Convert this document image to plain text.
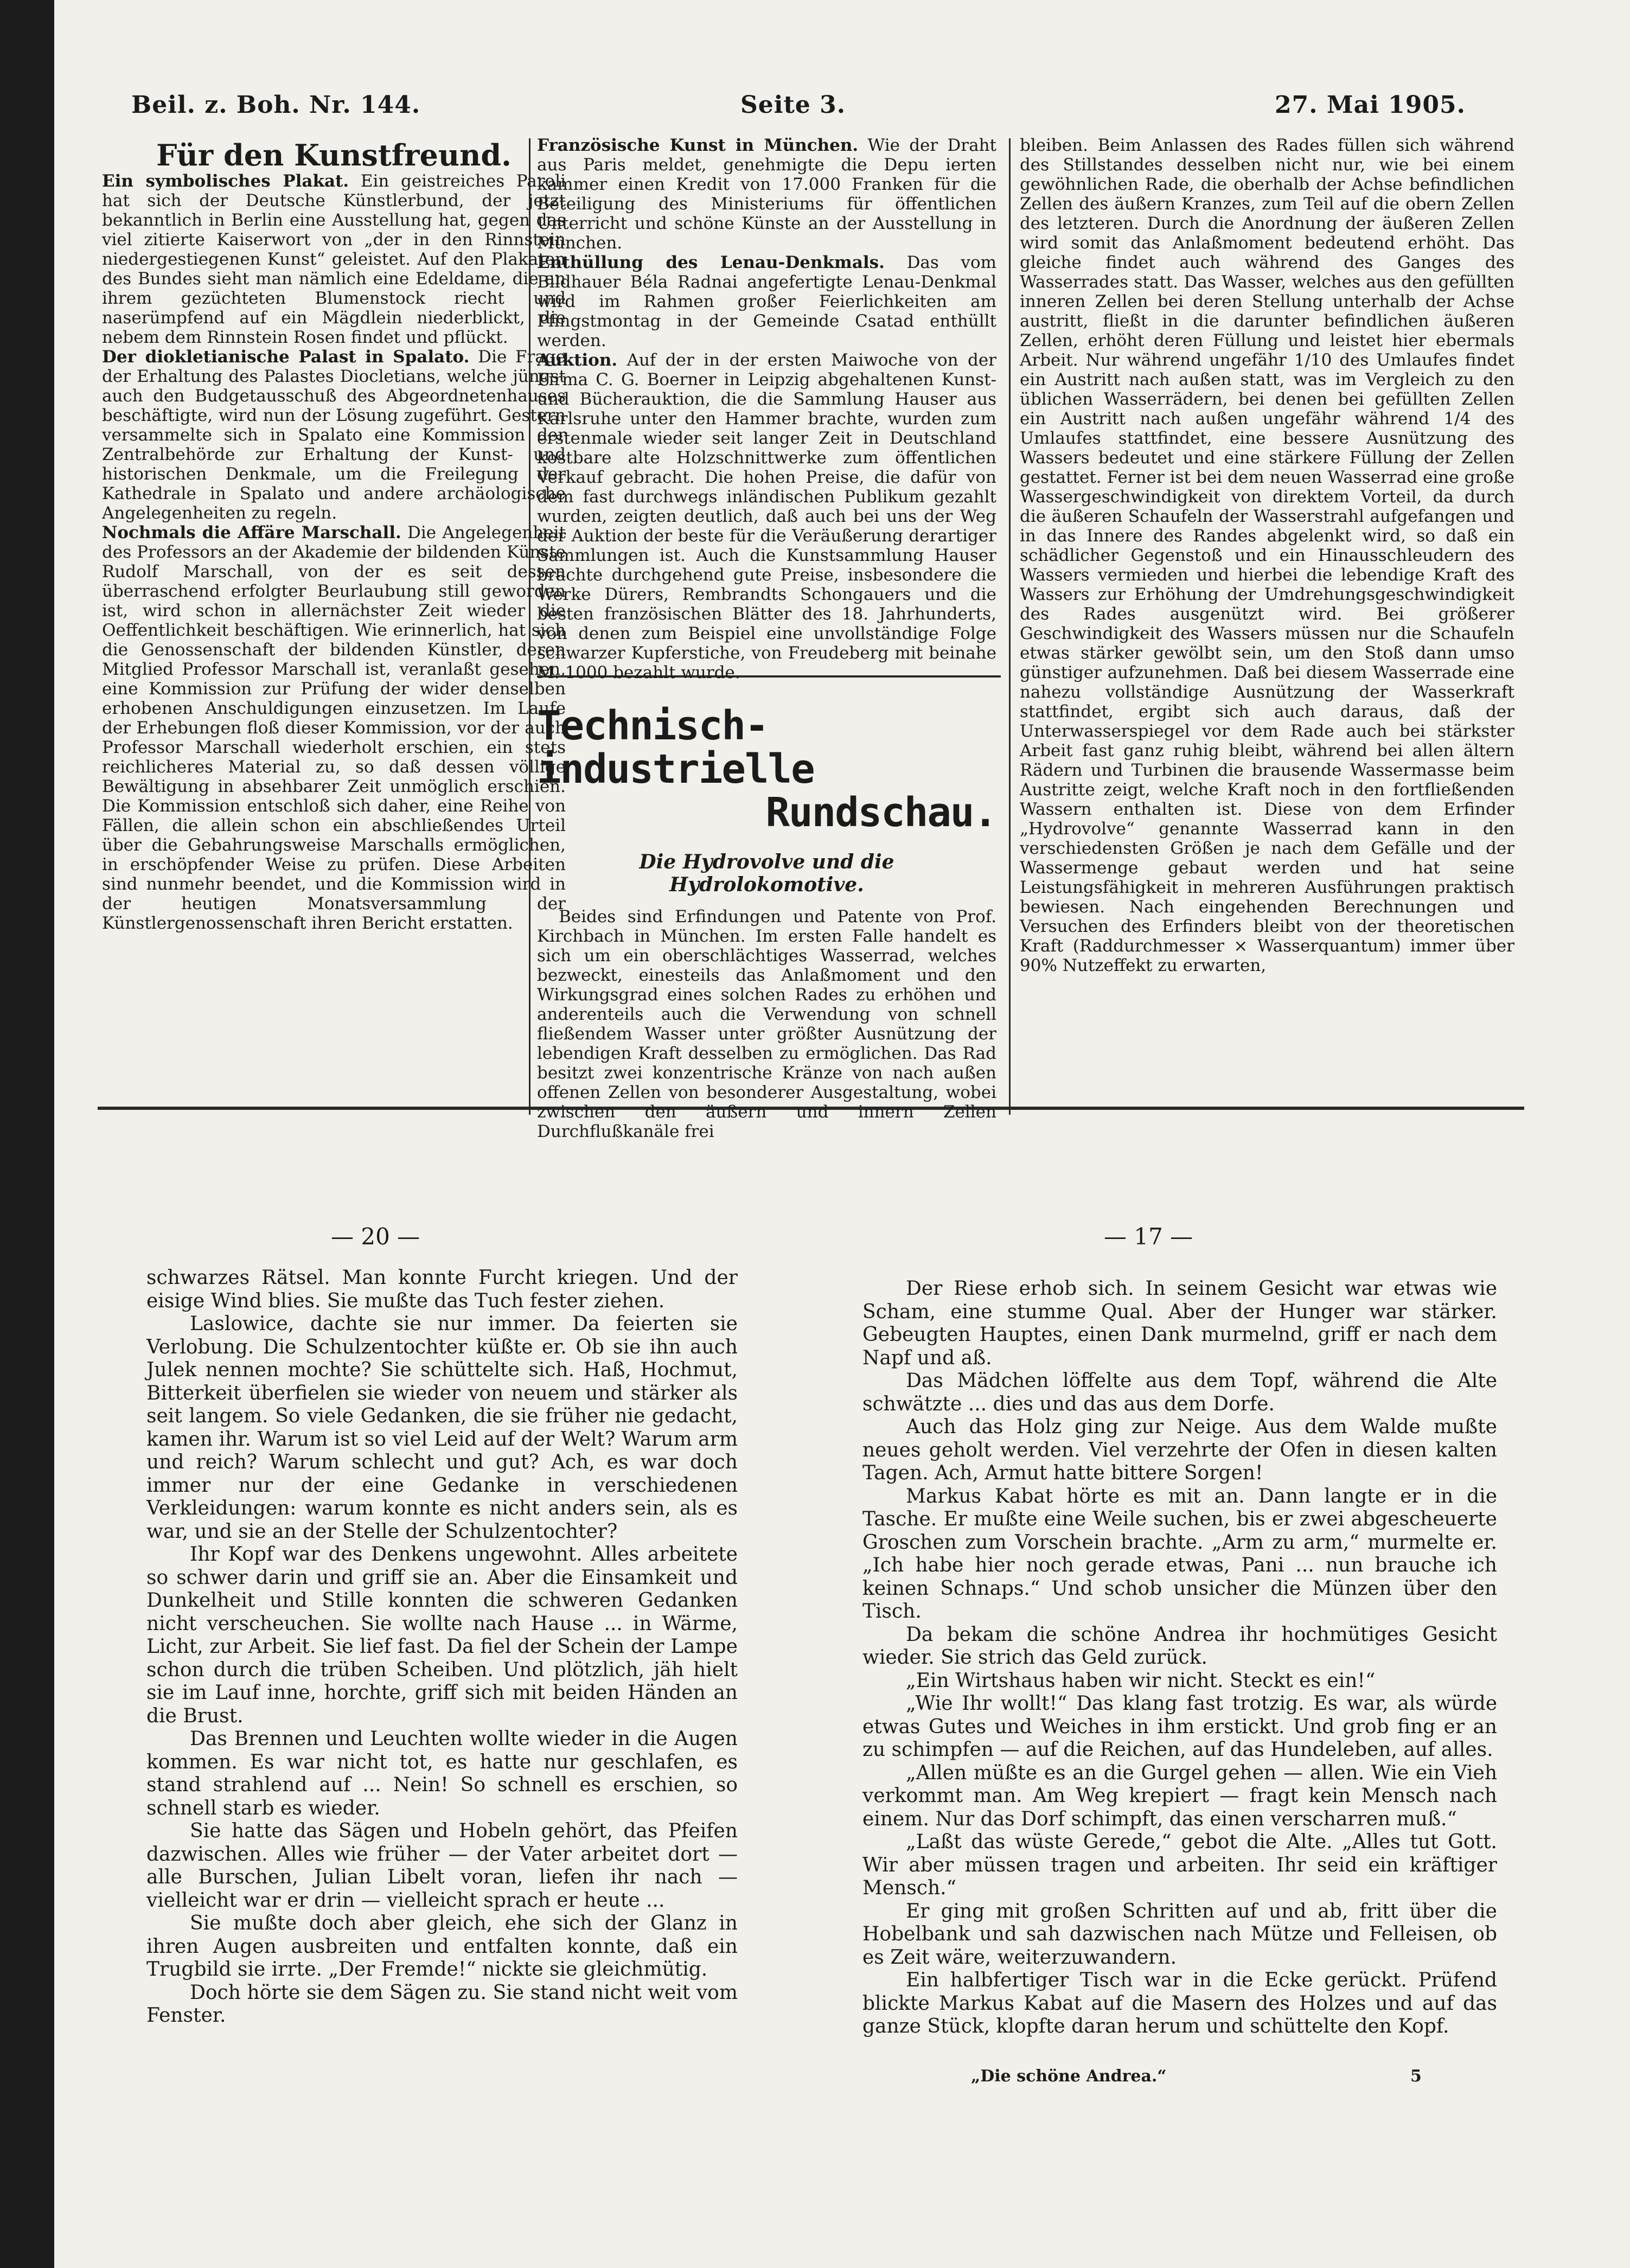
Beil. z. Boh. Nr. 144.	Seite 3.	27. Mai 1905.
Für den Kunstfreund.

Ein symbolisches Plakat. Ein geistreiches Paroli hat sich der Deutsche Künstlerbund, der jetzt bekanntlich in Berlin eine Ausstellung hat, gegen das viel zitierte Kaiserwort von „der in den Rinnstein niedergestiegenen Kunst“ geleistet. Auf den Plakaten des Bundes sieht man nämlich eine Edeldame, die an ihrem gezüchteten Blumenstock riecht und naserümpfend auf ein Mägdlein niederblickt, die nebem dem Rinnstein Rosen findet und pflückt.

Der diokletianische Palast in Spalato. Die Frage der Erhaltung des Palastes Diocletians, welche jüngst auch den Budgetausschuß des Abgeordnetenhauses beschäftigte, wird nun der Lösung zugeführt. Gestern versammelte sich in Spalato eine Kommission der Zentralbehörde zur Erhaltung der Kunst- und historischen Denkmale, um die Freilegung der Kathedrale in Spalato und andere archäologische Angelegenheiten zu regeln.

Nochmals die Affäre Marschall. Die Angelegenheit des Professors an der Akademie der bildenden Künste Rudolf Marschall, von der es seit dessen überraschend erfolgter Beurlaubung still geworden ist, wird schon in allernächster Zeit wieder die Oeffentlichkeit beschäftigen. Wie erinnerlich, hat sich die Genossenschaft der bildenden Künstler, deren Mitglied Professor Marschall ist, veranlaßt gesehen, eine Kommission zur Prüfung der wider denselben erhobenen Anschuldigungen einzusetzen. Im Laufe der Erhebungen floß dieser Kommission, vor der auch Professor Marschall wiederholt erschien, ein stets reichlicheres Material zu, so daß dessen völlige Bewältigung in absehbarer Zeit unmöglich erschien. Die Kommission entschloß sich daher, eine Reihe von Fällen, die allein schon ein abschließendes Urteil über die Gebahrungsweise Marschalls ermöglichen, in erschöpfender Weise zu prüfen. Diese Arbeiten sind nunmehr beendet, und die Kommission wird in der heutigen Monatsversammlung der Künstlergenossenschaft ihren Bericht erstatten.

Französische Kunst in München. Wie der Draht aus Paris meldet, genehmigte die Depu ierten kammer einen Kredit von 17.000 Franken für die Beteiligung des Ministeriums für öffentlichen Unterricht und schöne Künste an der Ausstellung in München.

Enthüllung des Lenau-Denkmals. Das vom Bildhauer Béla Radnai angefertigte Lenau-Denkmal wird im Rahmen großer Feierlichkeiten am Pfingstmontag in der Gemeinde Csatad enthüllt werden.

Auktion. Auf der in der ersten Maiwoche von der Firma C. G. Boerner in Leipzig abgehaltenen Kunst- und Bücherauktion, die die Sammlung Hauser aus Karlsruhe unter den Hammer brachte, wurden zum erstenmale wieder seit langer Zeit in Deutschland kostbare alte Holzschnittwerke zum öffentlichen Verkauf gebracht. Die hohen Preise, die dafür von dem fast durchwegs inländischen Publikum gezahlt wurden, zeigten deutlich, daß auch bei uns der Weg der Auktion der beste für die Veräußerung derartiger Sammlungen ist. Auch die Kunstsammlung Hauser brachte durchgehend gute Preise, insbesondere die Werke Dürers, Rembrandts Schongauers und die besten französischen Blätter des 18. Jahrhunderts, von denen zum Beispiel eine unvollständige Folge schwarzer Kupferstiche, von Freudeberg mit beinahe M. 1000 bezahlt wurde.

Technisch-industrielle
Rundschau.
Die Hydrovolve und die Hydrolokomotive.

Beides sind Erfindungen und Patente von Prof. Kirchbach in München. Im ersten Falle handelt es sich um ein oberschlächtiges Wasserrad, welches bezweckt, einesteils das Anlaßmoment und den Wirkungsgrad eines solchen Rades zu erhöhen und anderenteils auch die Verwendung von schnell fließendem Wasser unter größter Ausnützung der lebendigen Kraft desselben zu ermöglichen. Das Rad besitzt zwei konzentrische Kränze von nach außen offenen Zellen von besonderer Ausgestaltung, wobei zwischen den äußern und innern Zellen Durchflußkanäle frei

bleiben. Beim Anlassen des Rades füllen sich während des Stillstandes desselben nicht nur, wie bei einem gewöhnlichen Rade, die oberhalb der Achse befindlichen Zellen des äußern Kranzes, zum Teil auf die obern Zellen des letzteren. Durch die Anordnung der äußeren Zellen wird somit das Anlaßmoment bedeutend erhöht. Das gleiche findet auch während des Ganges des Wasserrades statt. Das Wasser, welches aus den gefüllten inneren Zellen bei deren Stellung unterhalb der Achse austritt, fließt in die darunter befindlichen äußeren Zellen, erhöht deren Füllung und leistet hier ebermals Arbeit. Nur während ungefähr 1/10 des Umlaufes findet ein Austritt nach außen statt, was im Vergleich zu den üblichen Wasserrädern, bei denen bei gefüllten Zellen ein Austritt nach außen ungefähr während 1/4 des Umlaufes stattfindet, eine bessere Ausnützung des Wassers bedeutet und eine stärkere Füllung der Zellen gestattet. Ferner ist bei dem neuen Wasserrad eine große Wassergeschwindigkeit von direktem Vorteil, da durch die äußeren Schaufeln der Wasserstrahl aufgefangen und in das Innere des Randes abgelenkt wird, so daß ein schädlicher Gegenstoß und ein Hinausschleudern des Wassers vermieden und hierbei die lebendige Kraft des Wassers zur Erhöhung der Umdrehungsgeschwindigkeit des Rades ausgenützt wird. Bei größerer Geschwindigkeit des Wassers müssen nur die Schaufeln etwas stärker gewölbt sein, um den Stoß dann umso günstiger aufzunehmen. Daß bei diesem Wasserrade eine nahezu vollständige Ausnützung der Wasserkraft stattfindet, ergibt sich auch daraus, daß der Unterwasserspiegel vor dem Rade auch bei stärkster Arbeit fast ganz ruhig bleibt, während bei allen ältern Rädern und Turbinen die brausende Wassermasse beim Austritte zeigt, welche Kraft noch in den fortfließenden Wassern enthalten ist. Diese von dem Erfinder „Hydrovolve“ genannte Wasserrad kann in den verschiedensten Größen je nach dem Gefälle und der Wassermenge gebaut werden und hat seine Leistungsfähigkeit in mehreren Ausführungen praktisch bewiesen. Nach eingehenden Berechnungen und Versuchen des Erfinders bleibt von der theoretischen Kraft (Raddurchmesser × Wasserquantum) immer über 90% Nutzeffekt zu erwarten,

— 20 —	— 17 —

schwarzes Rätsel. Man konnte Furcht kriegen. Und der eisige Wind blies. Sie mußte das Tuch fester ziehen.

Laslowice, dachte sie nur immer. Da feierten sie Verlobung. Die Schulzentochter küßte er. Ob sie ihn auch Julek nennen mochte? Sie schüttelte sich. Haß, Hochmut, Bitterkeit überfielen sie wieder von neuem und stärker als seit langem. So viele Gedanken, die sie früher nie gedacht, kamen ihr. Warum ist so viel Leid auf der Welt? Warum arm und reich? Warum schlecht und gut? Ach, es war doch immer nur der eine Gedanke in verschiedenen Verkleidungen: warum konnte es nicht anders sein, als es war, und sie an der Stelle der Schulzentochter?

Ihr Kopf war des Denkens ungewohnt. Alles arbeitete so schwer darin und griff sie an. Aber die Einsamkeit und Dunkelheit und Stille konnten die schweren Gedanken nicht verscheuchen. Sie wollte nach Hause ... in Wärme, Licht, zur Arbeit. Sie lief fast. Da fiel der Schein der Lampe schon durch die trüben Scheiben. Und plötzlich, jäh hielt sie im Lauf inne, horchte, griff sich mit beiden Händen an die Brust.

Das Brennen und Leuchten wollte wieder in die Augen kommen. Es war nicht tot, es hatte nur geschlafen, es stand strahlend auf ... Nein! So schnell es erschien, so schnell starb es wieder.

Sie hatte das Sägen und Hobeln gehört, das Pfeifen dazwischen. Alles wie früher — der Vater arbeitet dort — alle Burschen, Julian Libelt voran, liefen ihr nach — vielleicht war er drin — vielleicht sprach er heute ...

Sie mußte doch aber gleich, ehe sich der Glanz in ihren Augen ausbreiten und entfalten konnte, daß ein Trugbild sie irrte. „Der Fremde!“ nickte sie gleichmütig.

Doch hörte sie dem Sägen zu. Sie stand nicht weit vom Fenster.

Der Riese erhob sich. In seinem Gesicht war etwas wie Scham, eine stumme Qual. Aber der Hunger war stärker. Gebeugten Hauptes, einen Dank murmelnd, griff er nach dem Napf und aß.

Das Mädchen löffelte aus dem Topf, während die Alte schwätzte ... dies und das aus dem Dorfe.

Auch das Holz ging zur Neige. Aus dem Walde mußte neues geholt werden. Viel verzehrte der Ofen in diesen kalten Tagen. Ach, Armut hatte bittere Sorgen!

Markus Kabat hörte es mit an. Dann langte er in die Tasche. Er mußte eine Weile suchen, bis er zwei abgescheuerte Groschen zum Vorschein brachte. „Arm zu arm,“ murmelte er. „Ich habe hier noch gerade etwas, Pani ... nun brauche ich keinen Schnaps.“ Und schob unsicher die Münzen über den Tisch.

Da bekam die schöne Andrea ihr hochmütiges Gesicht wieder. Sie strich das Geld zurück.

„Ein Wirtshaus haben wir nicht. Steckt es ein!“

„Wie Ihr wollt!“ Das klang fast trotzig. Es war, als würde etwas Gutes und Weiches in ihm erstickt. Und grob fing er an zu schimpfen — auf die Reichen, auf das Hundeleben, auf alles.

„Allen müßte es an die Gurgel gehen — allen. Wie ein Vieh verkommt man. Am Weg krepiert — fragt kein Mensch nach einem. Nur das Dorf schimpft, das einen verscharren muß.“

„Laßt das wüste Gerede,“ gebot die Alte. „Alles tut Gott. Wir aber müssen tragen und arbeiten. Ihr seid ein kräftiger Mensch.“

Er ging mit großen Schritten auf und ab, fritt über die Hobelbank und sah dazwischen nach Mütze und Felleisen, ob es Zeit wäre, weiterzuwandern.

Ein halbfertiger Tisch war in die Ecke gerückt. Prüfend blickte Markus Kabat auf die Masern des Holzes und auf das ganze Stück, klopfte daran herum und schüttelte den Kopf.

„Die schöne Andrea.“	5
